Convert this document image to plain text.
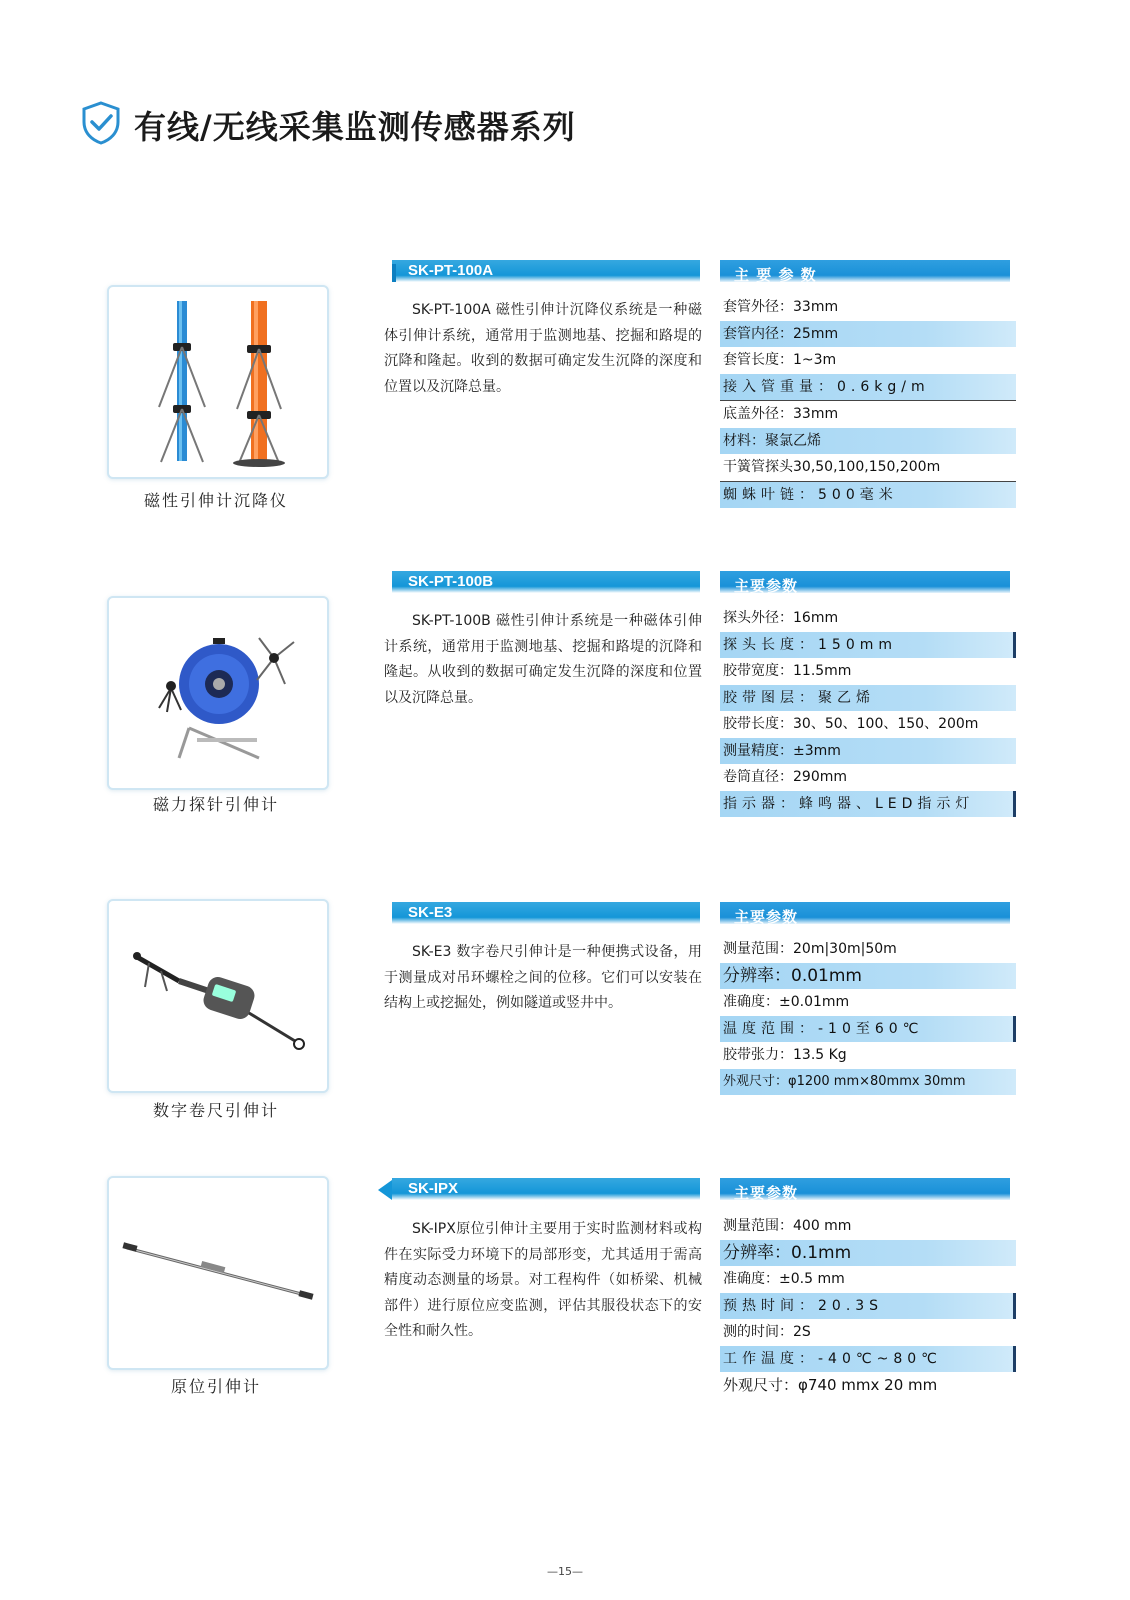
有线/无线采集监测传感器系列
磁性引伸计沉降仪
SK-PT-100A
SK-PT-100A 磁性引伸计沉降仪系统是一种磁体引伸计系统，通常用于监测地基、挖掘和路堤的沉降和隆起。收到的数据可确定发生沉降的深度和位置以及沉降总量。
主 要 参 数
套管外径：33mm
套管内径：25mm
套管长度：1~3m
接入管重量：0.6kg/m
底盖外径：33mm
材料：聚氯乙烯
干簧管探头30,50,100,150,200m
蜘蛛叶链：500毫米
磁力探针引伸计
SK-PT-100B
SK-PT-100B 磁性引伸计系统是一种磁体引伸计系统，通常用于监测地基、挖掘和路堤的沉降和隆起。从收到的数据可确定发生沉降的深度和位置以及沉降总量。
主要参数
探头外径：16mm
探头长度：150mm
胶带宽度：11.5mm
胶带图层：聚乙烯
胶带长度：30、50、100、150、200m
测量精度：±3mm
卷筒直径：290mm
指示器：蜂鸣器、LED指示灯
数字卷尺引伸计
SK-E3
SK-E3 数字卷尺引伸计是一种便携式设备，用于测量成对吊环螺栓之间的位移。它们可以安装在结构上或挖掘处，例如隧道或竖井中。
主要参数
测量范围：20m|30m|50m
分辨率：0.01mm
准确度：±0.01mm
温度范围：-10至60℃
胶带张力：13.5 Kg
外观尺寸：φ1200 mm×80mmx 30mm
原位引伸计
SK-IPX
SK-IPX原位引伸计主要用于实时监测材料或构件在实际受力环境下的局部形变，尤其适用于需高精度动态测量的场景。对工程构件（如桥梁、机械部件）进行原位应变监测，评估其服役状态下的安全性和耐久性。
主要参数
测量范围：400 mm
分辨率：0.1mm
准确度：±0.5 mm
预热时间：20.3S
测的时间：2S
工作温度：-40℃~80℃
外观尺寸：φ740 mmx 20 mm
—15—
